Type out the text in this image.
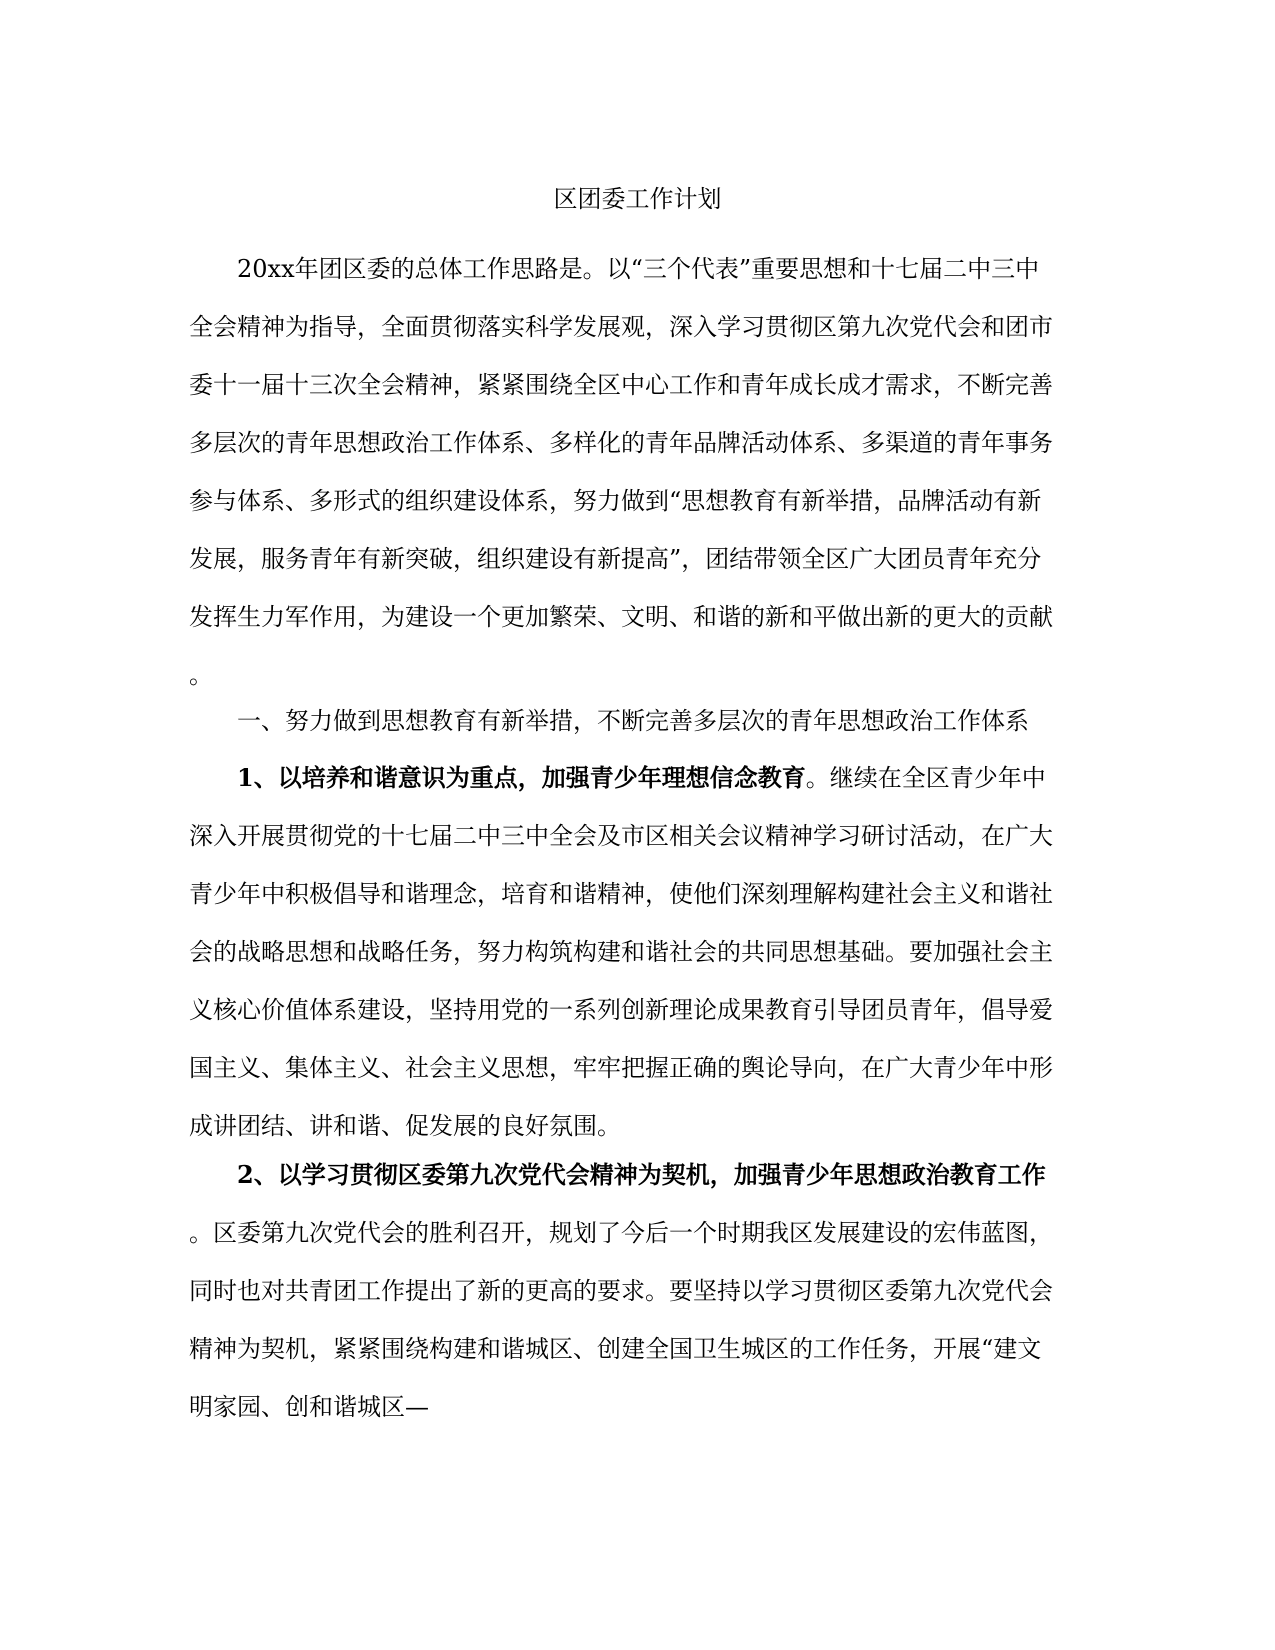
区团委工作计划
20xx年团区委的总体工作思路是。以“三个代表”重要思想和十七届二中三中
全会精神为指导，全面贯彻落实科学发展观，深入学习贯彻区第九次党代会和团市
委十一届十三次全会精神，紧紧围绕全区中心工作和青年成长成才需求，不断完善
多层次的青年思想政治工作体系、多样化的青年品牌活动体系、多渠道的青年事务
参与体系、多形式的组织建设体系，努力做到“思想教育有新举措，品牌活动有新
发展，服务青年有新突破，组织建设有新提高”，团结带领全区广大团员青年充分
发挥生力军作用，为建设一个更加繁荣、文明、和谐的新和平做出新的更大的贡献
。
一、努力做到思想教育有新举措，不断完善多层次的青年思想政治工作体系
1、以培养和谐意识为重点，加强青少年理想信念教育。继续在全区青少年中
深入开展贯彻党的十七届二中三中全会及市区相关会议精神学习研讨活动，在广大
青少年中积极倡导和谐理念，培育和谐精神，使他们深刻理解构建社会主义和谐社
会的战略思想和战略任务，努力构筑构建和谐社会的共同思想基础。要加强社会主
义核心价值体系建设，坚持用党的一系列创新理论成果教育引导团员青年，倡导爱
国主义、集体主义、社会主义思想，牢牢把握正确的舆论导向，在广大青少年中形
成讲团结、讲和谐、促发展的良好氛围。
2、以学习贯彻区委第九次党代会精神为契机，加强青少年思想政治教育工作
。区委第九次党代会的胜利召开，规划了今后一个时期我区发展建设的宏伟蓝图，
同时也对共青团工作提出了新的更高的要求。要坚持以学习贯彻区委第九次党代会
精神为契机，紧紧围绕构建和谐城区、创建全国卫生城区的工作任务，开展“建文
明家园、创和谐城区—
